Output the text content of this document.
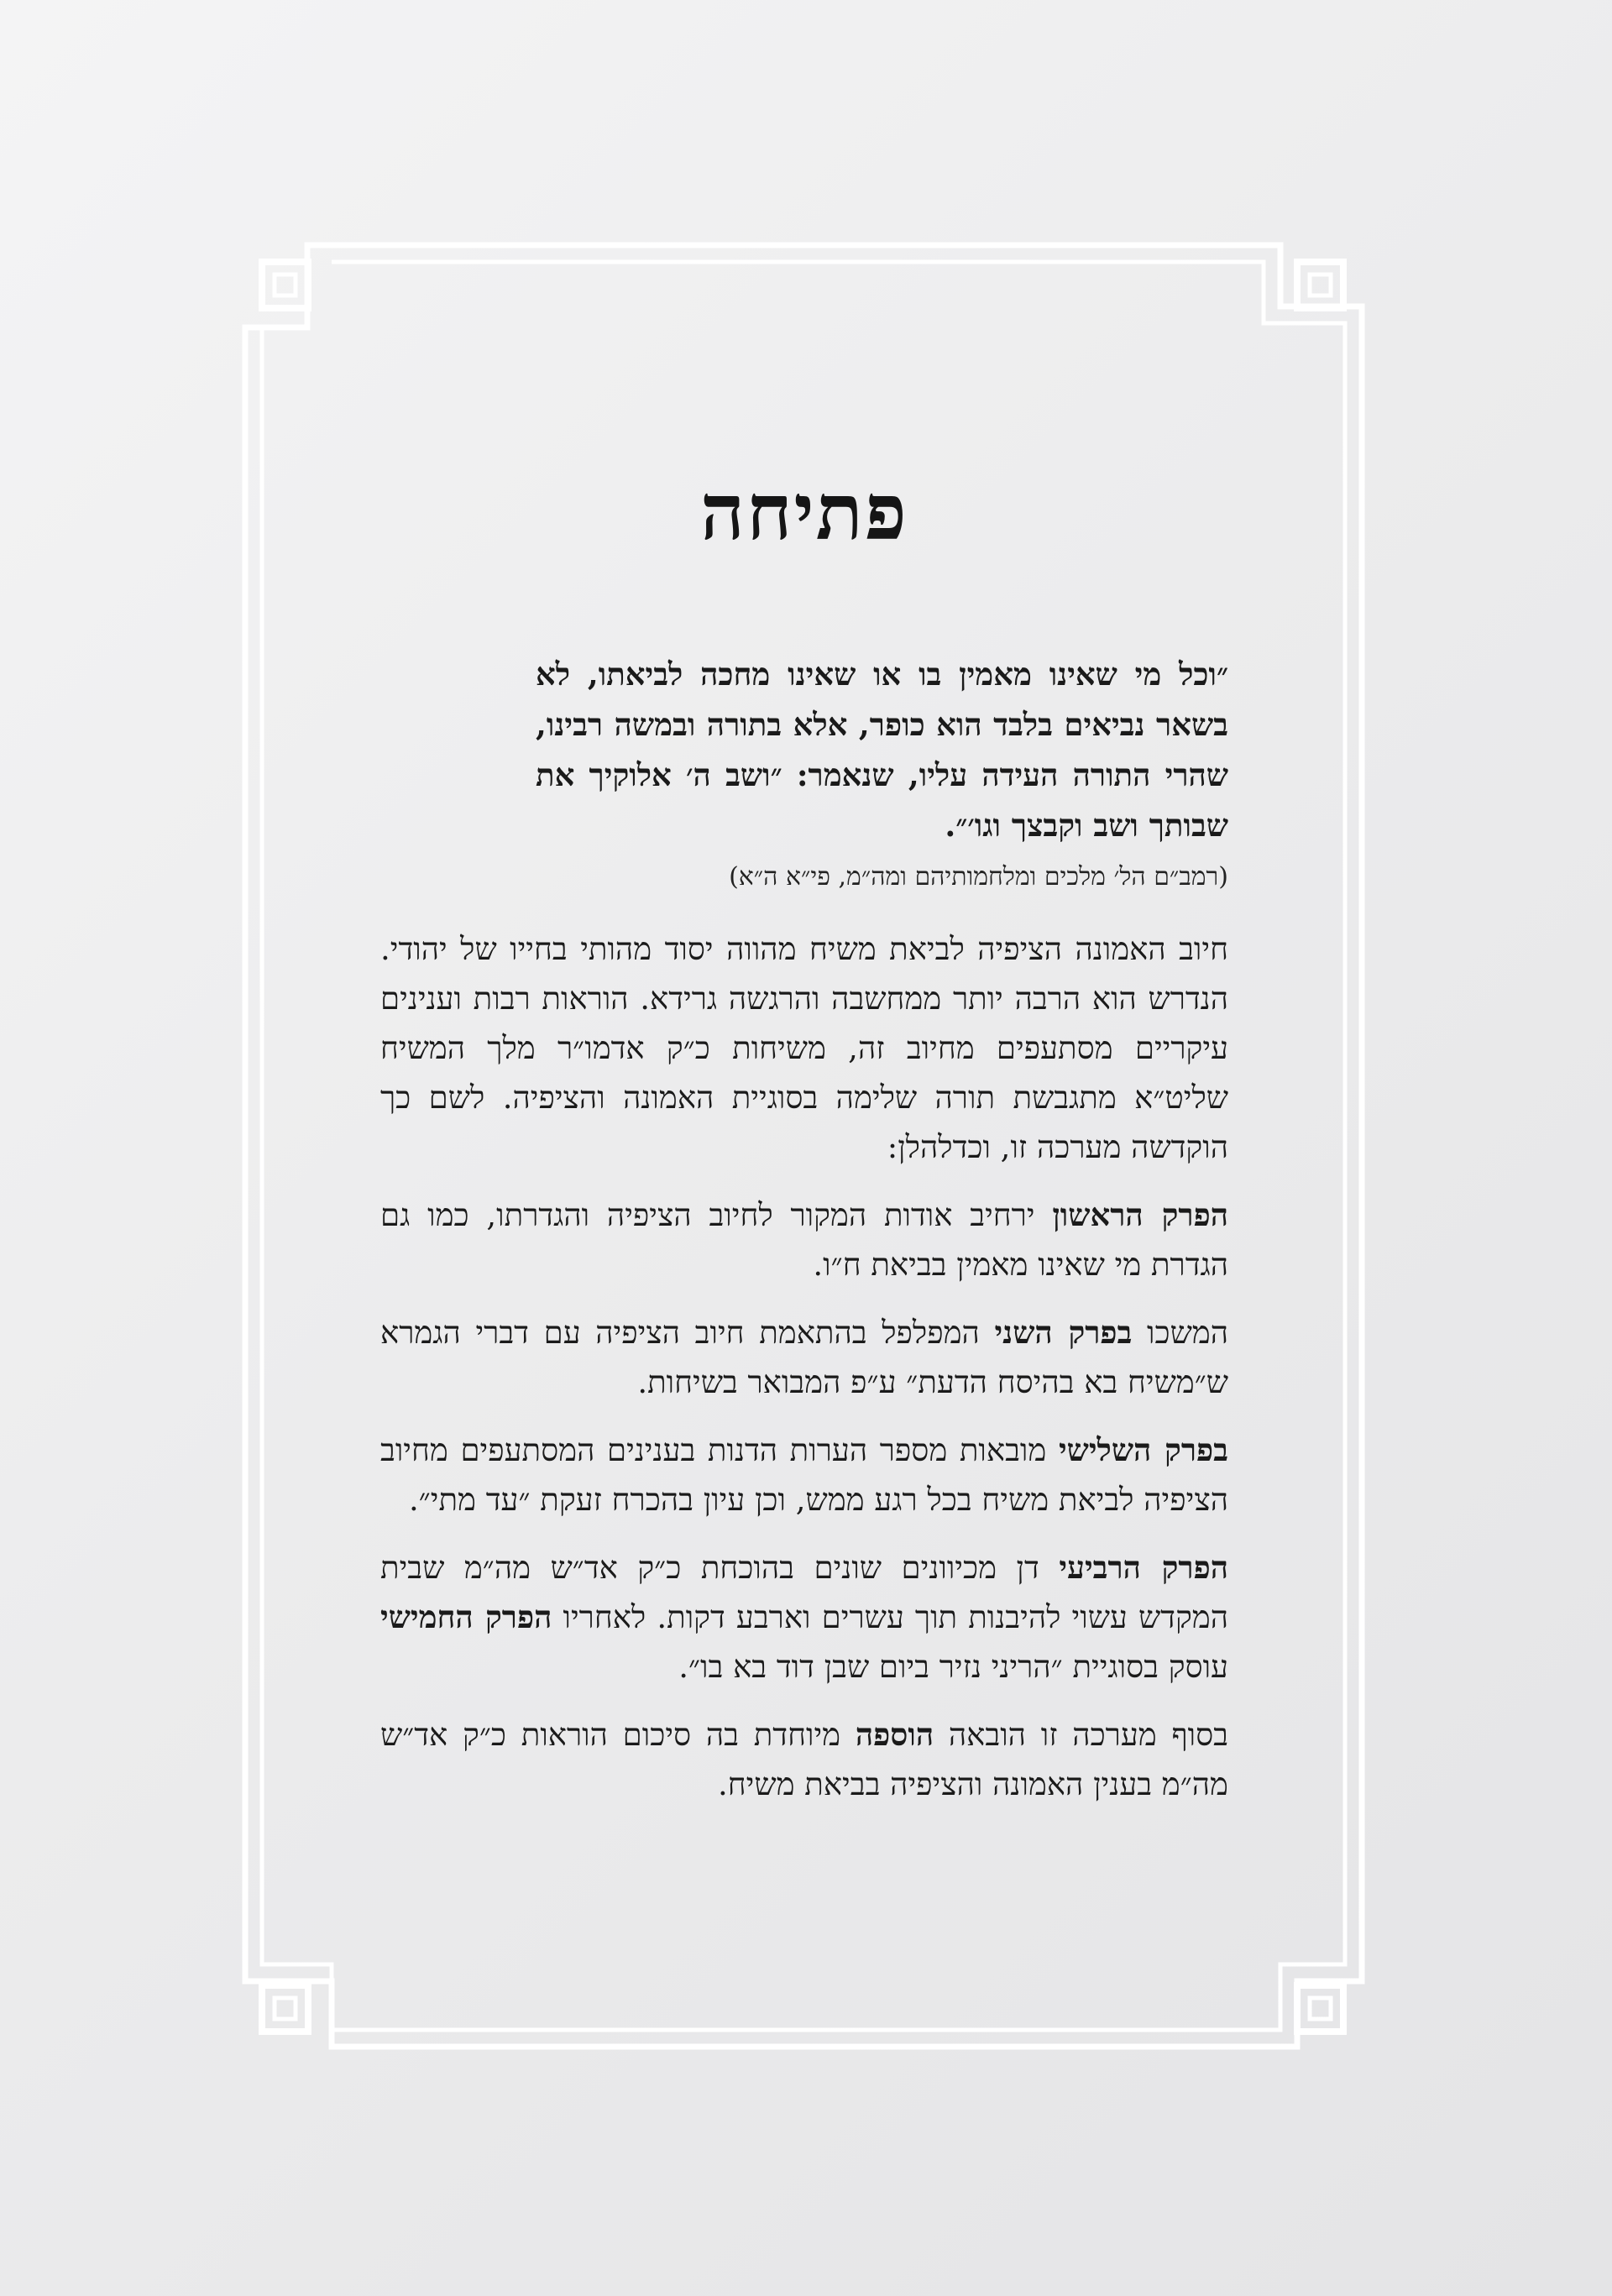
פתיחה
״וכל מי שאינו מאמין בו או שאינו מחכה לביאתו, לא בשאר נביאים בלבד הוא כופר, אלא בתורה ובמשה רבינו, שהרי התורה העידה עליו, שנאמר: ״ושב ה׳ אלוקיך את שבותך ושב וקבצך וגו׳״.
(רמב״ם הל׳ מלכים ומלחמותיהם ומה״מ, פי״א ה״א)

חיוב האמונה הציפיה לביאת משיח מהווה יסוד מהותי בחייו של יהודי. הנדרש הוא הרבה יותר ממחשבה והרגשה גרידא. הוראות רבות וענינים עיקריים מסתעפים מחיוב זה, משיחות כ״ק אדמו״ר מלך המשיח שליט״א מתגבשת תורה שלימה בסוגיית האמונה והציפיה. לשם כך הוקדשה מערכה זו, וכדלהלן:

הפרק הראשון ירחיב אודות המקור לחיוב הציפיה והגדרתו, כמו גם הגדרת מי שאינו מאמין בביאת ח״ו.

המשכו בפרק השני המפלפל בהתאמת חיוב הציפיה עם דברי הגמרא ש״משיח בא בהיסח הדעת״ ע״פ המבואר בשיחות.

בפרק השלישי מובאות מספר הערות הדנות בענינים המסתעפים מחיוב הציפיה לביאת משיח בכל רגע ממש, וכן עיון בהכרח זעקת ״עד מתי״.

הפרק הרביעי דן מכיוונים שונים בהוכחת כ״ק אד״ש מה״מ שבית המקדש עשוי להיבנות תוך עשרים וארבע דקות. לאחריו הפרק החמישי עוסק בסוגיית ״הריני נזיר ביום שבן דוד בא בו״.

בסוף מערכה זו הובאה הוספה מיוחדת בה סיכום הוראות כ״ק אד״ש מה״מ בענין האמונה והציפיה בביאת משיח.
